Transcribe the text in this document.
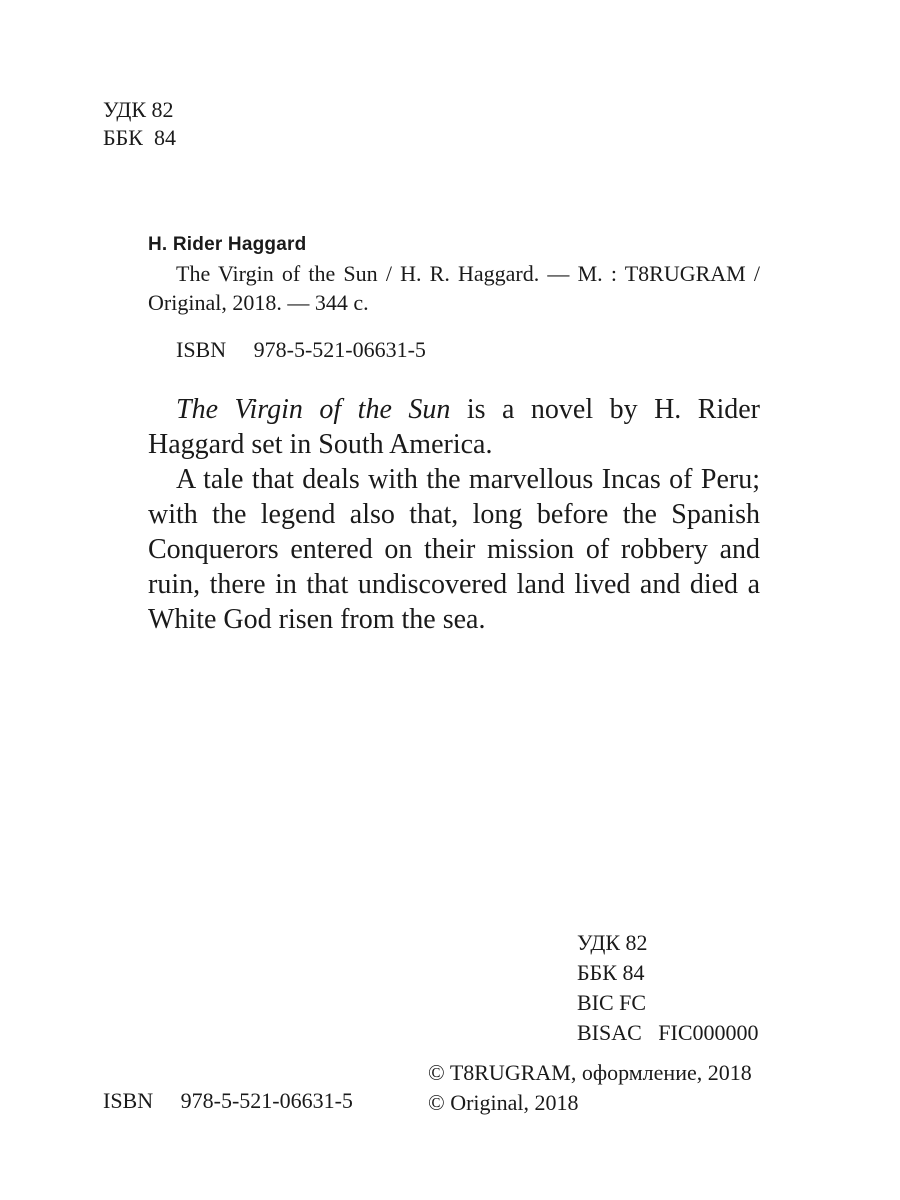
УДК 82
ББК  84
H. Rider Haggard
The Virgin of the Sun / H. R. Haggard. — M. : T8RUGRAM / Original, 2018. — 344 c.
ISBN 978-5-521-06631-5

The Virgin of the Sun is a novel by H. Rider Haggard set in South America.

A tale that deals with the marvellous Incas of Peru; with the legend also that, long before the Spanish Conquerors entered on their mission of robbery and ruin, there in that undiscovered land lived and died a White God risen from the sea.

УДК 82
ББК 84
BIC FC
BISAC   FIC000000
© T8RUGRAM, оформление, 2018
© Original, 2018
ISBN     978-5-521-06631-5
